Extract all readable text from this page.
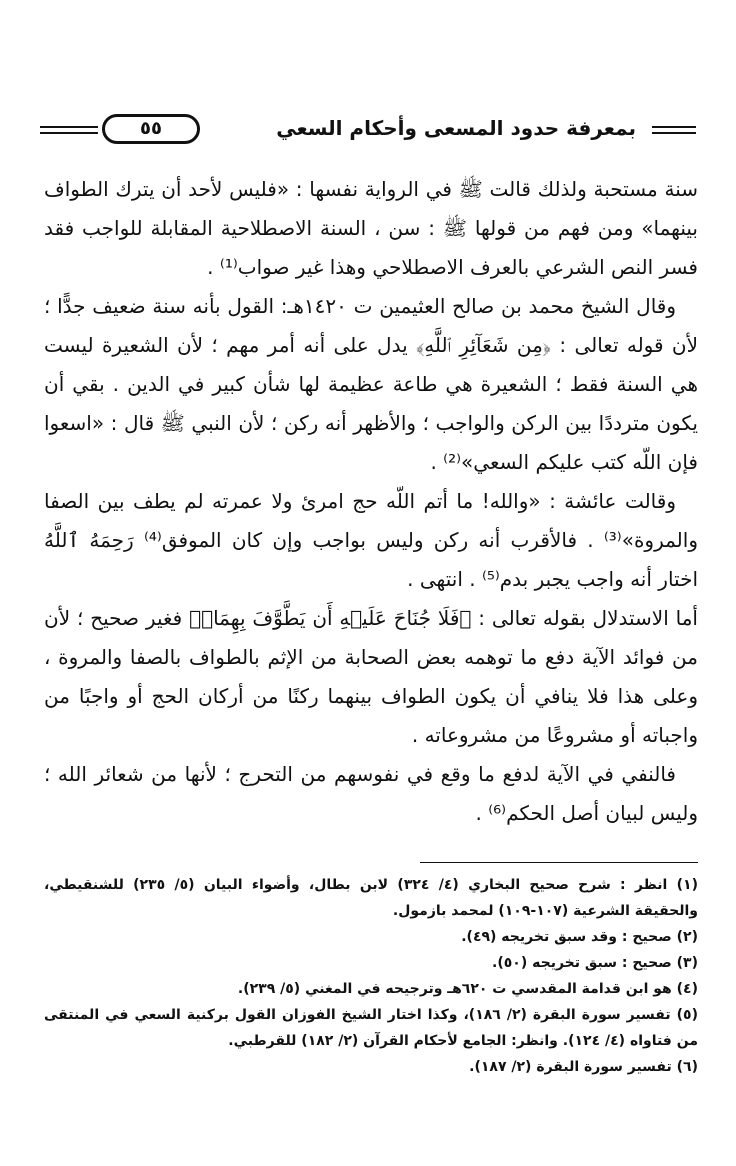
بمعرفة حدود المسعى وأحكام السعي
٥٥

سنة مستحبة ولذلك قالت ﷺ في الرواية نفسها : «فليس لأحد أن يترك الطواف بينهما» ومن فهم من قولها ﷺ : سن ، السنة الاصطلاحية المقابلة للواجب فقد فسر النص الشرعي بالعرف الاصطلاحي وهذا غير صواب⁽¹⁾ .

وقال الشيخ محمد بن صالح العثيمين ت ١٤٢٠هـ: القول بأنه سنة ضعيف جدًّا ؛ لأن قوله تعالى : ﴿مِن شَعَآئِرِ ٱللَّهِ﴾ يدل على أنه أمر مهم ؛ لأن الشعيرة ليست هي السنة فقط ؛ الشعيرة هي طاعة عظيمة لها شأن كبير في الدين . بقي أن يكون مترددًا بين الركن والواجب ؛ والأظهر أنه ركن ؛ لأن النبي ﷺ قال : «اسعوا فإن اللّه كتب عليكم السعي»⁽²⁾ .

وقالت عائشة : «والله! ما أتم اللّه حج امرئ ولا عمرته لم يطف بين الصفا والمروة»⁽³⁾ . فالأقرب أنه ركن وليس بواجب وإن كان الموفق⁽⁴⁾ رَحِمَهُ ٱللَّهُ اختار أنه واجب يجبر بدم⁽⁵⁾ . انتهى .

أما الاستدلال بقوله تعالى : ﴿فَلَا جُنَاحَ عَلَيۡهِ أَن يَطَّوَّفَ بِهِمَاۚ﴾ فغير صحيح ؛ لأن من فوائد الآية دفع ما توهمه بعض الصحابة من الإثم بالطواف بالصفا والمروة ، وعلى هذا فلا ينافي أن يكون الطواف بينهما ركنًا من أركان الحج أو واجبًا من واجباته أو مشروعًا من مشروعاته .

فالنفي في الآية لدفع ما وقع في نفوسهم من التحرج ؛ لأنها من شعائر الله ؛ وليس لبيان أصل الحكم⁽⁶⁾ .

(١) انظر : شرح صحيح البخاري (٤/ ٣٢٤) لابن بطال، وأضواء البيان (٥/ ٢٣٥) للشنقيطي، والحقيقة الشرعية (١٠٧-١٠٩) لمحمد بازمول.

(٢) صحيح : وقد سبق تخريجه (٤٩).

(٣) صحيح : سبق تخريجه (٥٠).

(٤) هو ابن قدامة المقدسي ت ٦٢٠هـ وترجيحه في المغني (٥/ ٢٣٩).

(٥) تفسير سورة البقرة (٢/ ١٨٦)، وكذا اختار الشيخ الفوزان القول بركنية السعي في المنتقى من فتاواه (٤/ ١٢٤). وانظر: الجامع لأحكام القرآن (٢/ ١٨٢) للقرطبي.

(٦) تفسير سورة البقرة (٢/ ١٨٧).
